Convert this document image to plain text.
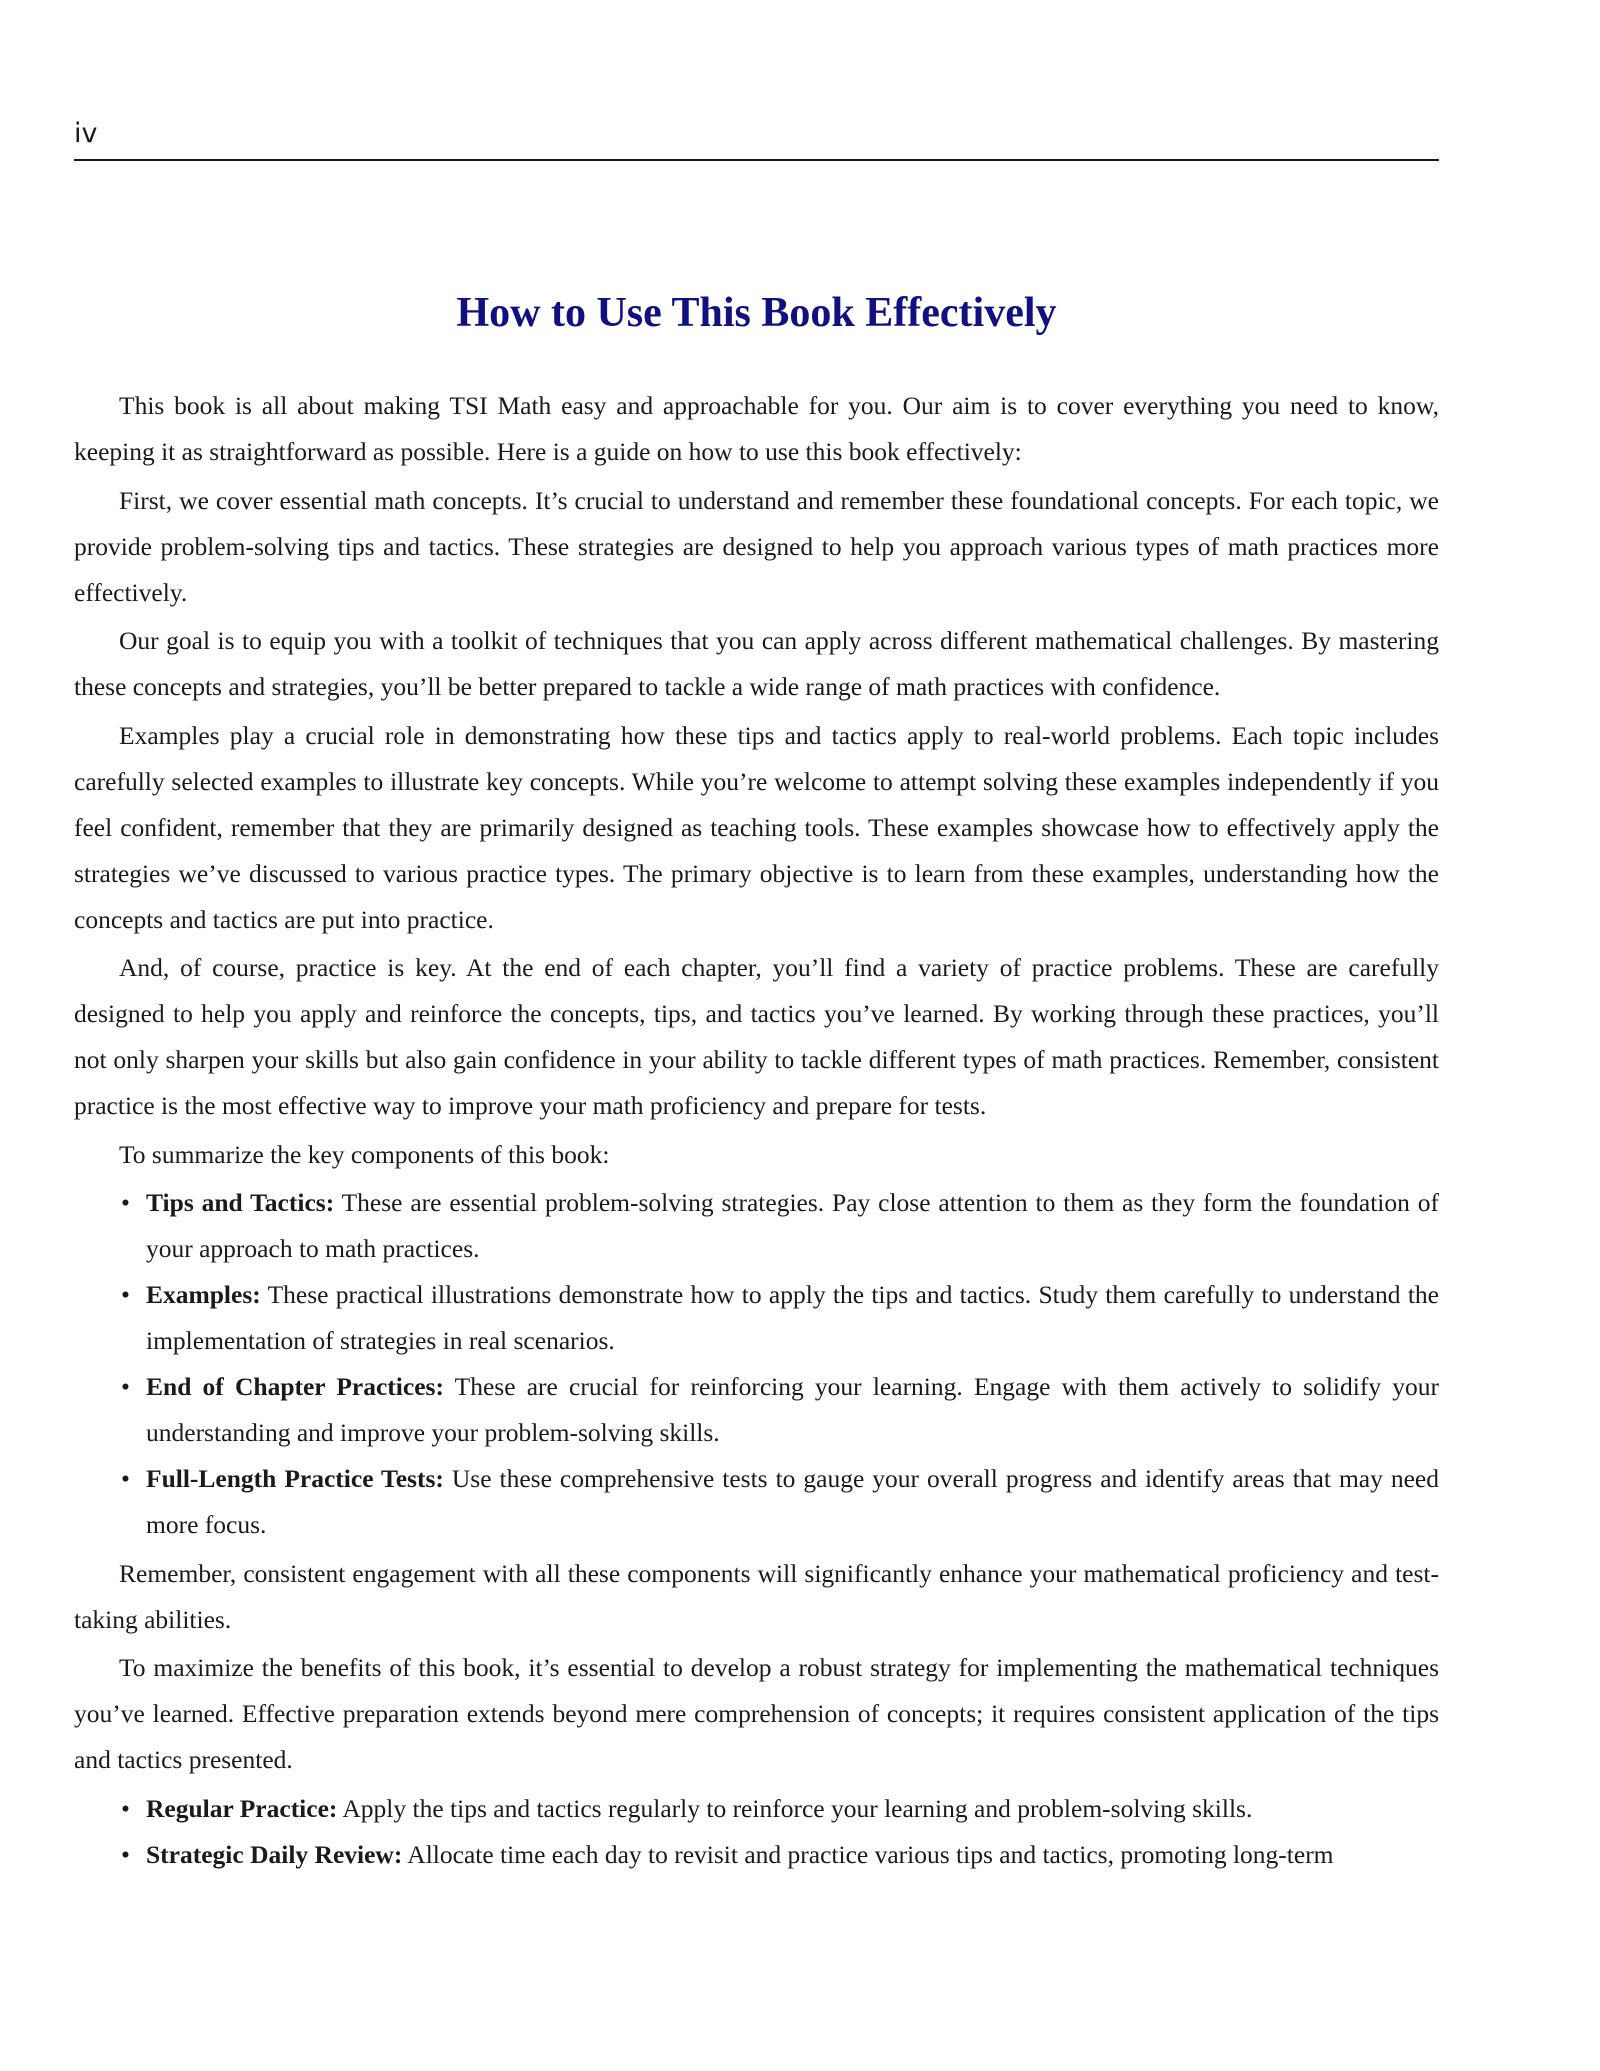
iv
How to Use This Book Effectively

This book is all about making TSI Math easy and approachable for you. Our aim is to cover everything you need to know, keeping it as straightforward as possible. Here is a guide on how to use this book effectively:

First, we cover essential math concepts. It’s crucial to understand and remember these foundational concepts. For each topic, we provide problem-solving tips and tactics. These strategies are designed to help you approach various types of math practices more effectively.

Our goal is to equip you with a toolkit of techniques that you can apply across different mathematical challenges. By mastering these concepts and strategies, you’ll be better prepared to tackle a wide range of math practices with confidence.

Examples play a crucial role in demonstrating how these tips and tactics apply to real-world problems. Each topic includes carefully selected examples to illustrate key concepts. While you’re welcome to attempt solving these examples independently if you feel confident, remember that they are primarily designed as teaching tools. These examples showcase how to effectively apply the strategies we’ve discussed to various practice types. The primary objective is to learn from these examples, understanding how the concepts and tactics are put into practice.

And, of course, practice is key. At the end of each chapter, you’ll find a variety of practice problems. These are carefully designed to help you apply and reinforce the concepts, tips, and tactics you’ve learned. By working through these practices, you’ll not only sharpen your skills but also gain confidence in your ability to tackle different types of math practices. Remember, consistent practice is the most effective way to improve your math proficiency and prepare for tests.

To summarize the key components of this book:

• Tips and Tactics: These are essential problem-solving strategies. Pay close attention to them as they form the foundation of your approach to math practices.
• Examples: These practical illustrations demonstrate how to apply the tips and tactics. Study them carefully to understand the implementation of strategies in real scenarios.
• End of Chapter Practices: These are crucial for reinforcing your learning. Engage with them actively to solidify your understanding and improve your problem-solving skills.
• Full-Length Practice Tests: Use these comprehensive tests to gauge your overall progress and identify areas that may need more focus.

Remember, consistent engagement with all these components will significantly enhance your mathematical proficiency and test-taking abilities.

To maximize the benefits of this book, it’s essential to develop a robust strategy for implementing the mathematical techniques you’ve learned. Effective preparation extends beyond mere comprehension of concepts; it requires consistent application of the tips and tactics presented.

• Regular Practice: Apply the tips and tactics regularly to reinforce your learning and problem-solving skills.
• Strategic Daily Review: Allocate time each day to revisit and practice various tips and tactics, promoting long-term
